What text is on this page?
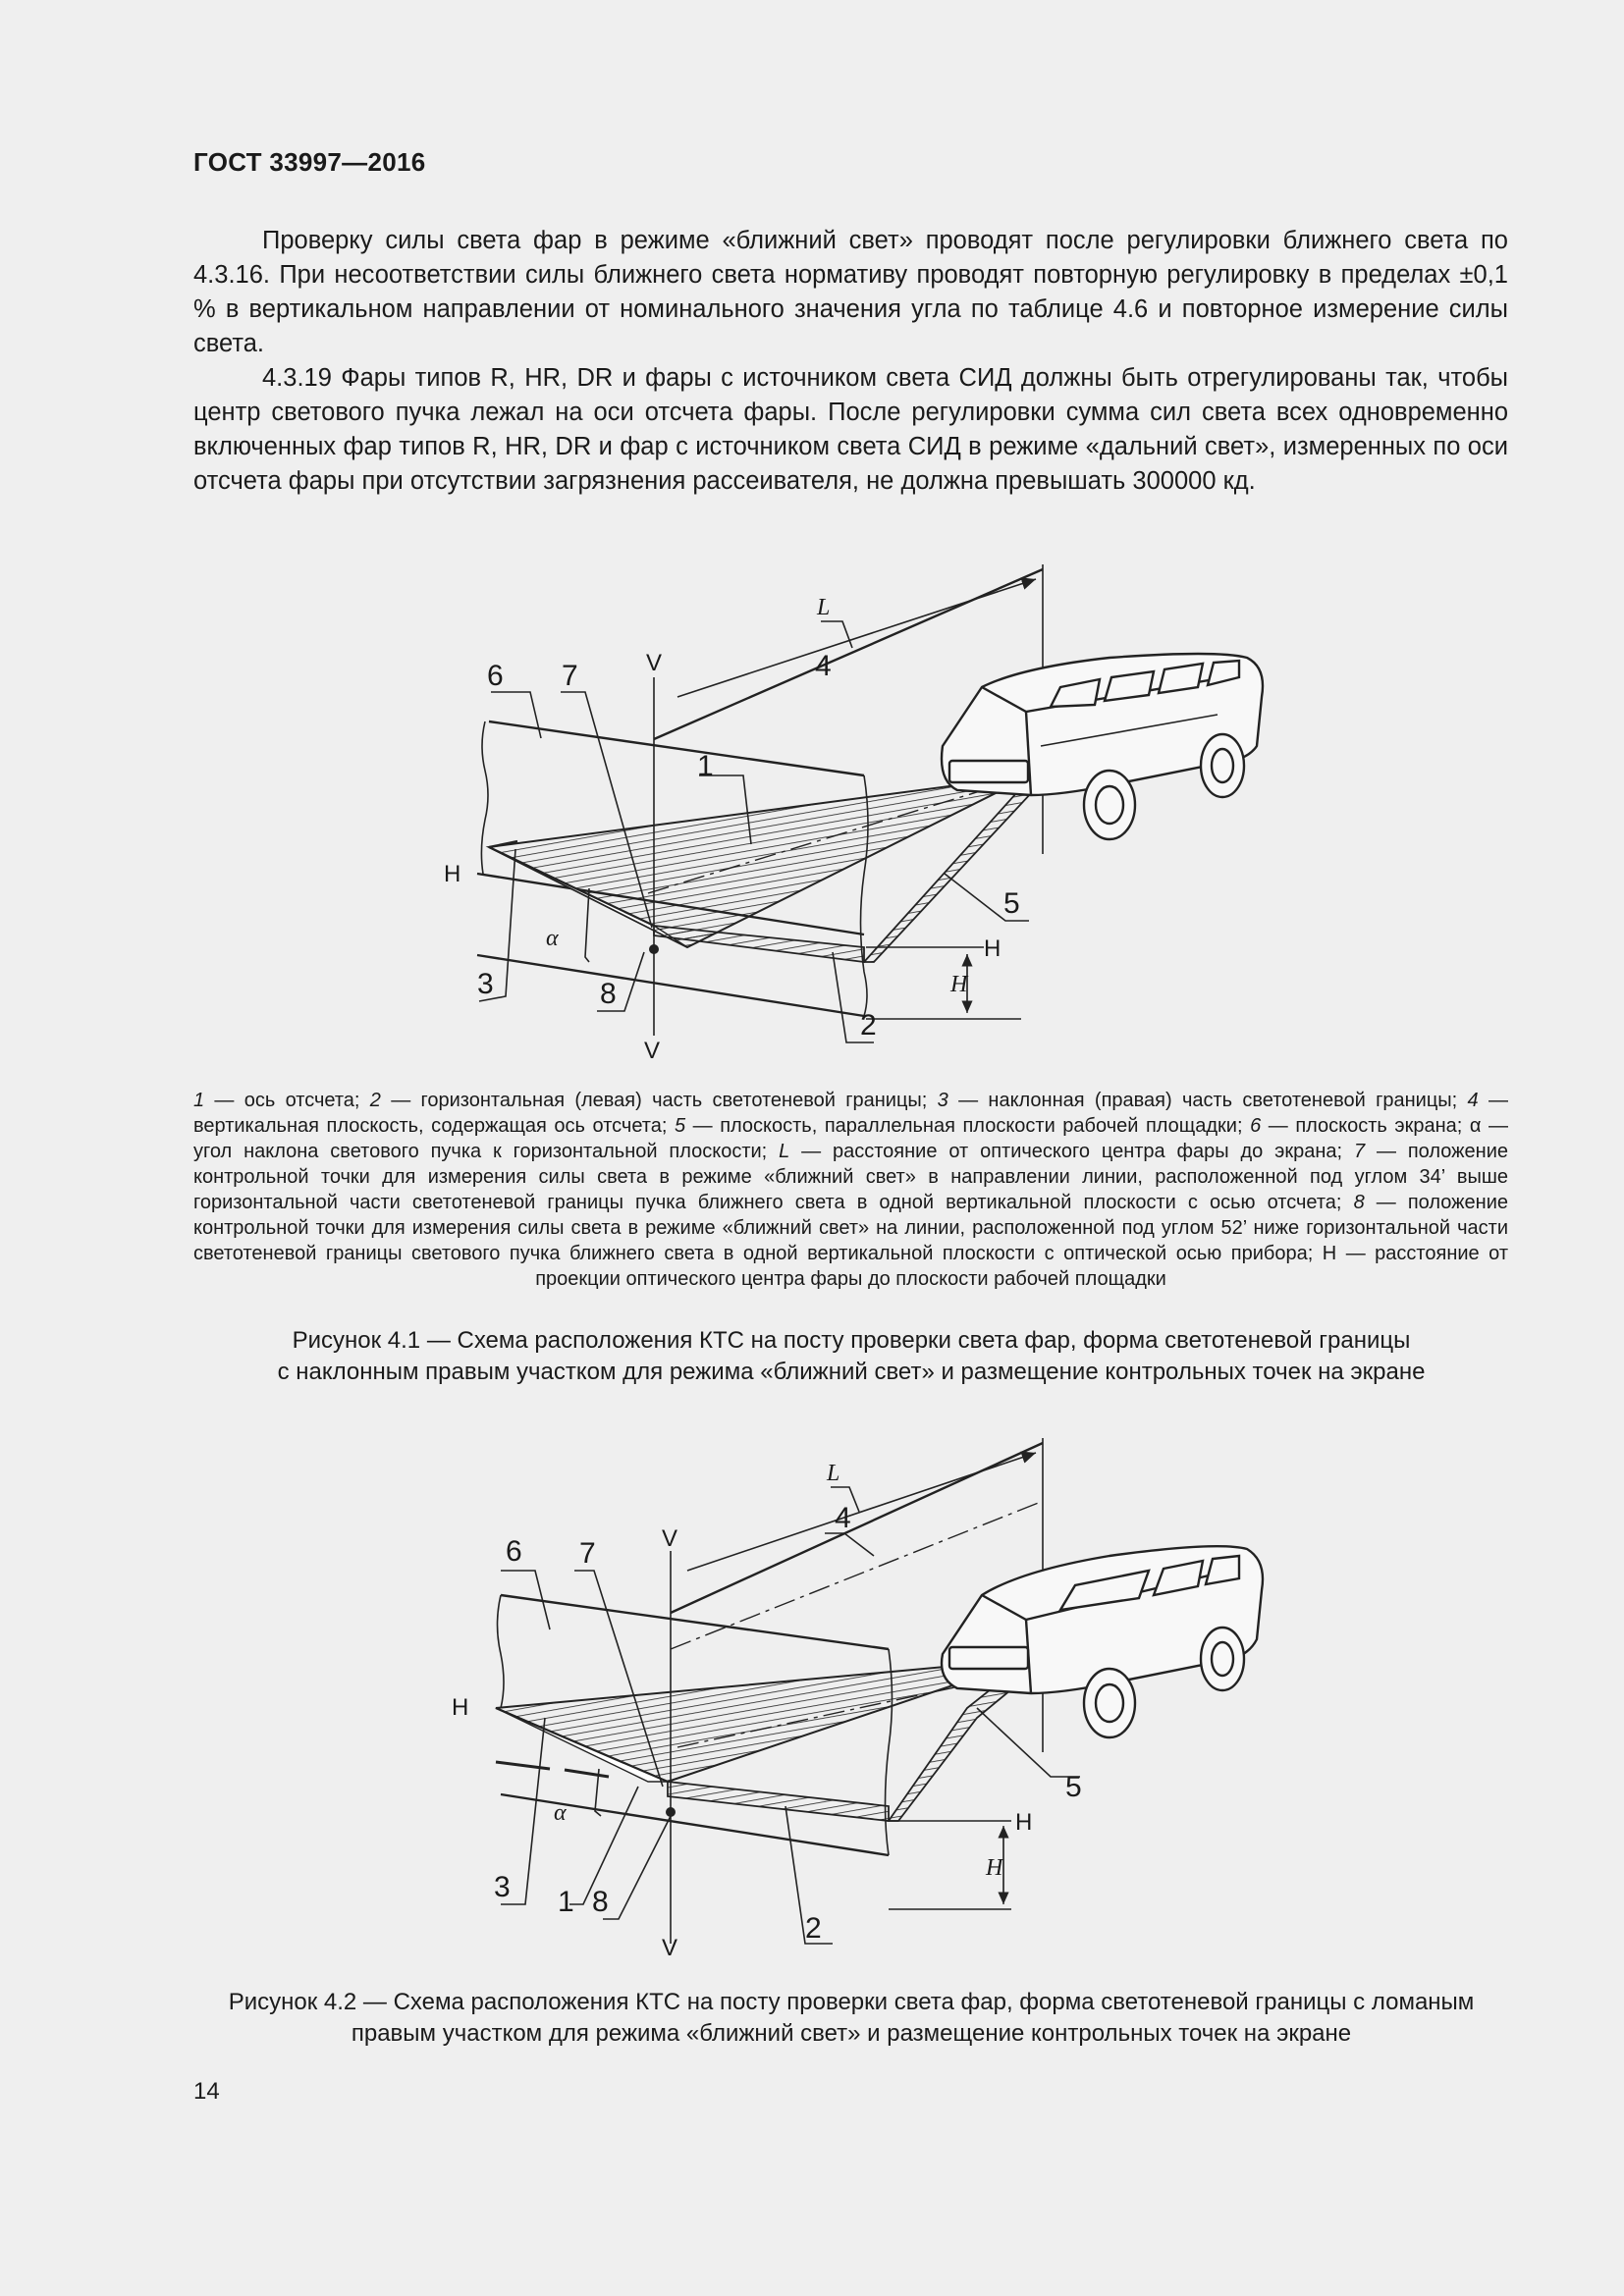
ГОСТ 33997—2016

Проверку силы света фар в режиме «ближний свет» проводят после регулировки ближнего света по 4.3.16. При несоответствии силы ближнего света нормативу проводят повторную регулировку в пределах ±0,1 % в вертикальном направлении от номинального значения угла по таблице 4.6 и повторное измерение силы света.

4.3.19 Фары типов R, HR, DR и фары с источником света СИД должны быть отрегулированы так, чтобы центр светового пучка лежал на оси отсчета фары. После регулировки сумма сил света всех одновременно включенных фар типов R, HR, DR и фар с источником света СИД в режиме «дальний свет», измеренных по оси отсчета фары при отсутствии загрязнения рассеивателя, не должна превышать 300000 кд.

6 7
1
4
5
3	8
2
V
V
H
H
H
L
α
1 — ось отсчета; 2 — горизонтальная (левая) часть светотеневой границы; 3 — наклонная (правая) часть светотеневой границы; 4 — вертикальная плоскость, содержащая ось отсчета; 5 — плоскость, параллельная плоскости рабочей площадки; 6 — плоскость экрана; α — угол наклона светового пучка к горизонтальной плоскости; L — расстояние от оптического центра фары до экрана; 7 — положение контрольной точки для измерения силы света в режиме «ближний свет» в направлении линии, расположенной под углом 34’ выше горизонтальной части светотеневой границы пучка ближнего света в одной вертикальной плоскости с осью отсчета; 8 — положение контрольной точки для измерения силы света в режиме «ближний свет» на линии, расположенной под углом 52’ ниже горизонтальной части светотеневой границы светового пучка ближнего света в одной вертикальной плоскости с оптической осью прибора; Н — расстояние от проекции оптического центра фары до плоскости рабочей площадки
Рисунок 4.1 — Схема расположения КТС на посту проверки света фар, форма светотеневой границы
с наклонным правым участком для режима «ближний свет» и размещение контрольных точек на экране
6 7
4
5
3 1 8
2
V
V
H
H
H
L
α
Рисунок 4.2 — Схема расположения КТС на посту проверки света фар, форма светотеневой границы с ломаным
правым участком для режима «ближний свет» и размещение контрольных точек на экране
14
